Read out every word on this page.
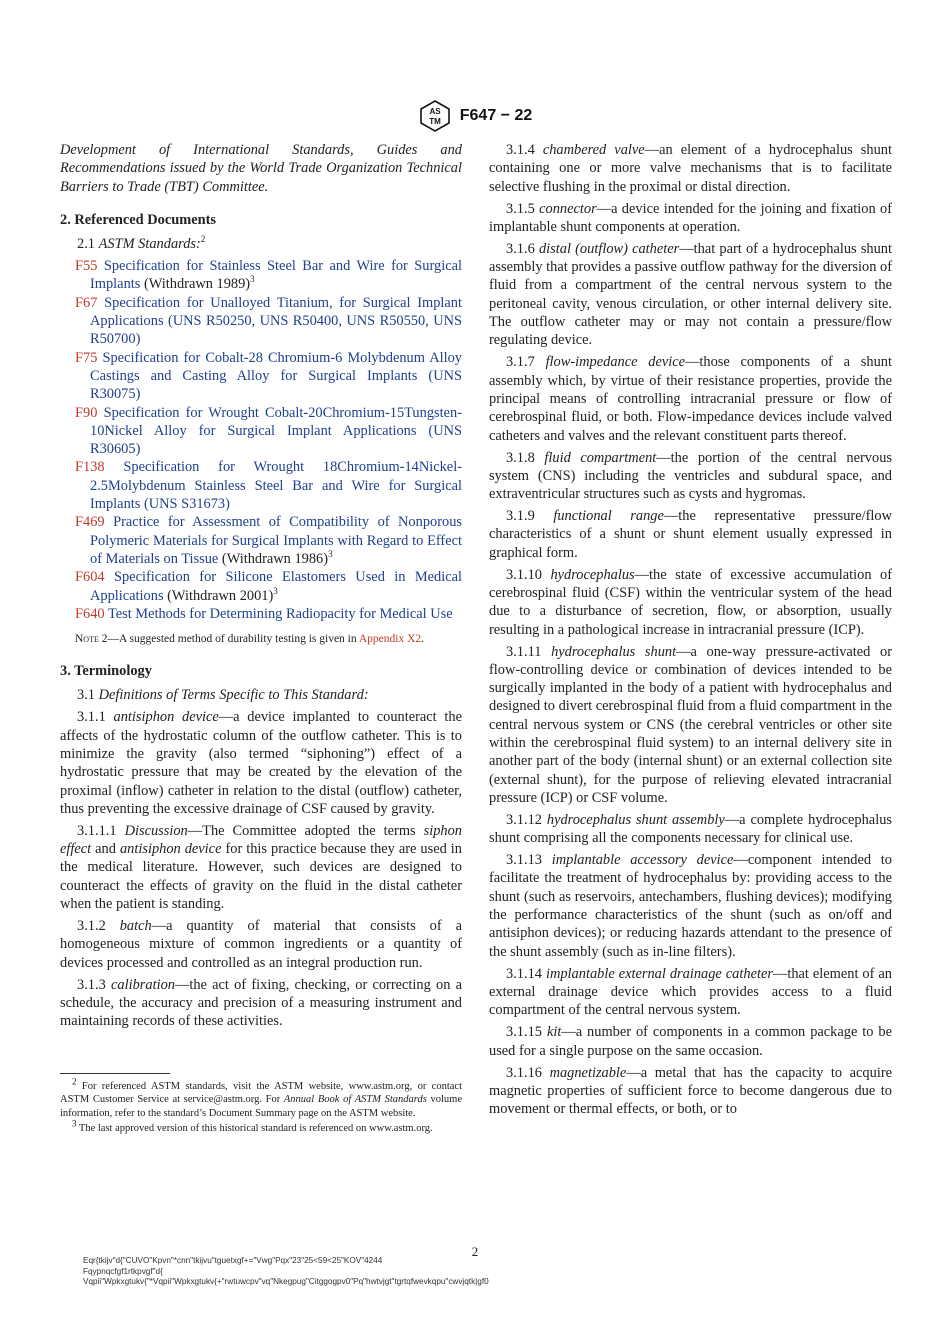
AS
TM F647 − 22

Development of International Standards, Guides and Recommendations issued by the World Trade Organization Technical Barriers to Trade (TBT) Committee.

2. Referenced Documents

2.1 ASTM Standards:$^2$

F55 Specification for Stainless Steel Bar and Wire for Surgical Implants (Withdrawn 1989)$^3$
F67 Specification for Unalloyed Titanium, for Surgical Implant Applications (UNS R50250, UNS R50400, UNS R50550, UNS R50700)
F75 Specification for Cobalt-28 Chromium-6 Molybdenum Alloy Castings and Casting Alloy for Surgical Implants (UNS R30075)
F90 Specification for Wrought Cobalt-20Chromium-15Tungsten-10Nickel Alloy for Surgical Implant Applications (UNS R30605)
F138 Specification for Wrought 18Chromium-14Nickel-2.5Molybdenum Stainless Steel Bar and Wire for Surgical Implants (UNS S31673)
F469 Practice for Assessment of Compatibility of Nonporous Polymeric Materials for Surgical Implants with Regard to Effect of Materials on Tissue (Withdrawn 1986)$^3$
F604 Specification for Silicone Elastomers Used in Medical Applications (Withdrawn 2001)$^3$
F640 Test Methods for Determining Radiopacity for Medical Use

Note 2—A suggested method of durability testing is given in Appendix X2.

3. Terminology

3.1 Definitions of Terms Specific to This Standard:

3.1.1 antisiphon device—a device implanted to counteract the affects of the hydrostatic column of the outflow catheter. This is to minimize the gravity (also termed “siphoning”) effect of a hydrostatic pressure that may be created by the elevation of the proximal (inflow) catheter in relation to the distal (outflow) catheter, thus preventing the excessive drainage of CSF caused by gravity.

3.1.1.1 Discussion—The Committee adopted the terms siphon effect and antisiphon device for this practice because they are used in the medical literature. However, such devices are designed to counteract the effects of gravity on the fluid in the distal catheter when the patient is standing.

3.1.2 batch—a quantity of material that consists of a homogeneous mixture of common ingredients or a quantity of devices processed and controlled as an integral production run.

3.1.3 calibration—the act of fixing, checking, or correcting on a schedule, the accuracy and precision of a measuring instrument and maintaining records of these activities.

$^2$ For referenced ASTM standards, visit the ASTM website, www.astm.org, or contact ASTM Customer Service at service@astm.org. For Annual Book of ASTM Standards volume information, refer to the standard’s Document Summary page on the ASTM website.

$^3$ The last approved version of this historical standard is referenced on www.astm.org.

3.1.4 chambered valve—an element of a hydrocephalus shunt containing one or more valve mechanisms that is to facilitate selective flushing in the proximal or distal direction.

3.1.5 connector—a device intended for the joining and fixation of implantable shunt components at operation.

3.1.6 distal (outflow) catheter—that part of a hydrocephalus shunt assembly that provides a passive outflow pathway for the diversion of fluid from a compartment of the central nervous system to the peritoneal cavity, venous circulation, or other internal delivery site. The outflow catheter may or may not contain a pressure/flow regulating device.

3.1.7 flow-impedance device—those components of a shunt assembly which, by virtue of their resistance properties, provide the principal means of controlling intracranial pressure or flow of cerebrospinal fluid, or both. Flow-impedance devices include valved catheters and valves and the relevant constituent parts thereof.

3.1.8 fluid compartment—the portion of the central nervous system (CNS) including the ventricles and subdural space, and extraventricular structures such as cysts and hygromas.

3.1.9 functional range—the representative pressure/flow characteristics of a shunt or shunt element usually expressed in graphical form.

3.1.10 hydrocephalus—the state of excessive accumulation of cerebrospinal fluid (CSF) within the ventricular system of the head due to a disturbance of secretion, flow, or absorption, usually resulting in a pathological increase in intracranial pressure (ICP).

3.1.11 hydrocephalus shunt—a one-way pressure-activated or flow-controlling device or combination of devices intended to be surgically implanted in the body of a patient with hydrocephalus and designed to divert cerebrospinal fluid from a fluid compartment in the central nervous system or CNS (the cerebral ventricles or other site within the cerebrospinal fluid system) to an internal delivery site in another part of the body (internal shunt) or an external collection site (external shunt), for the purpose of relieving elevated intracranial pressure (ICP) or CSF volume.

3.1.12 hydrocephalus shunt assembly—a complete hydrocephalus shunt comprising all the components necessary for clinical use.

3.1.13 implantable accessory device—component intended to facilitate the treatment of hydrocephalus by: providing access to the shunt (such as reservoirs, antechambers, flushing devices); modifying the performance characteristics of the shunt (such as on/off and antisiphon devices); or reducing hazards attendant to the presence of the shunt assembly (such as in-line filters).

3.1.14 implantable external drainage catheter—that element of an external drainage device which provides access to a fluid compartment of the central nervous system.

3.1.15 kit—a number of components in a common package to be used for a single purpose on the same occasion.

3.1.16 magnetizable—a metal that has the capacity to acquire magnetic properties of sufficient force to become dangerous due to movement or thermal effects, or both, or to

2
Eqr{tkijv"d{"CUVO"Kpvn"*cnn"tkijvu"tguetxgf+="Vwg"Pqx"23"25<59<25"KOV"4244
Fqypnqcfgf1rtkpvgf"d{
Vqpii"Wpkxgtukv{"*Vqpii"Wpkxgtukv{+"rwtuwcpv"vq"Nkegpug"Citggogpv0"Pq"hwtvjgt"tgrtqfwevkqpu"cwvjqtk|gf0
